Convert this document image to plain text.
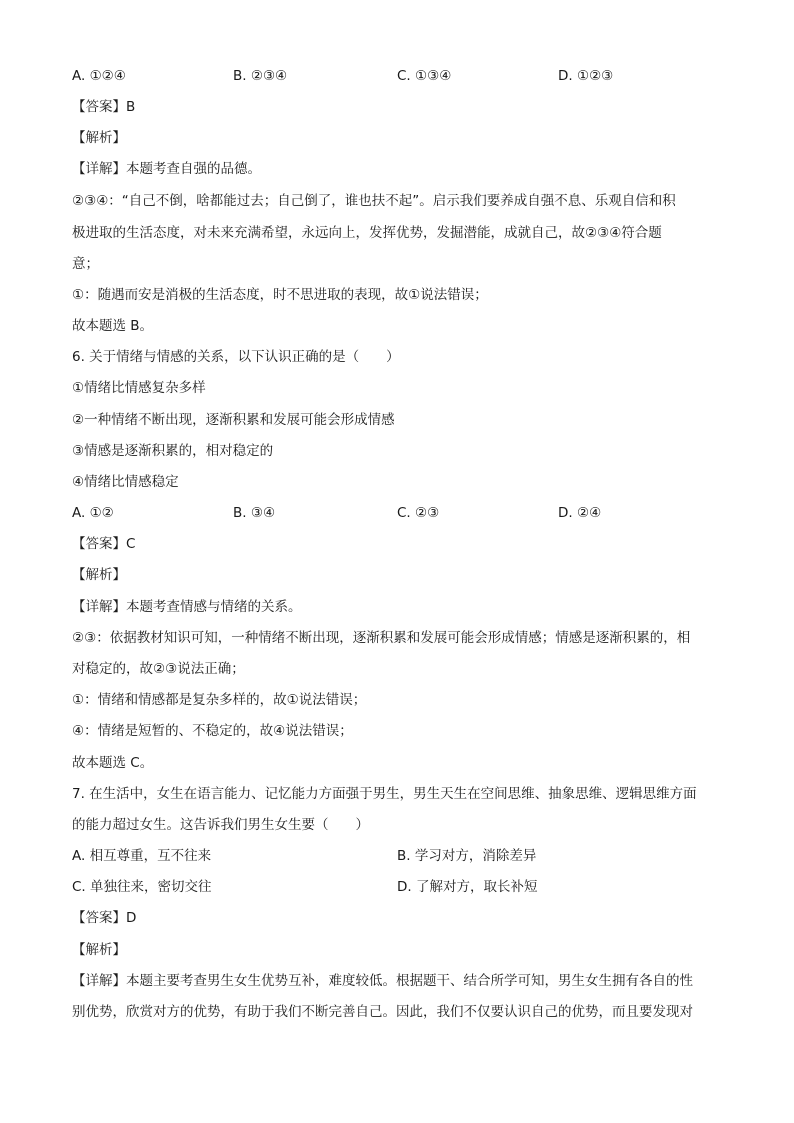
A. ①②④	B. ②③④	C. ①③④	D. ①②③
【答案】B
【解析】
【详解】本题考查自强的品德。
②③④：“自己不倒，啥都能过去；自己倒了，谁也扶不起”。启示我们要养成自强不息、乐观自信和积
极进取的生活态度，对未来充满希望，永远向上，发挥优势，发掘潜能，成就自己，故②③④符合题
意；
①：随遇而安是消极的生活态度，时不思进取的表现，故①说法错误；
故本题选 B。
6. 关于情绪与情感的关系，以下认识正确的是（　　）
①情绪比情感复杂多样
②一种情绪不断出现，逐渐积累和发展可能会形成情感
③情感是逐渐积累的，相对稳定的
④情绪比情感稳定
A. ①②	B. ③④	C. ②③	D. ②④
【答案】C
【解析】
【详解】本题考查情感与情绪的关系。
②③：依据教材知识可知，一种情绪不断出现，逐渐积累和发展可能会形成情感；情感是逐渐积累的，相
对稳定的，故②③说法正确；
①：情绪和情感都是复杂多样的，故①说法错误；
④：情绪是短暂的、不稳定的，故④说法错误；
故本题选 C。
7. 在生活中，女生在语言能力、记忆能力方面强于男生，男生天生在空间思维、抽象思维、逻辑思维方面
的能力超过女生。这告诉我们男生女生要（　　）
A. 相互尊重，互不往来	B. 学习对方，消除差异
C. 单独往来，密切交往	D. 了解对方，取长补短
【答案】D
【解析】
【详解】本题主要考查男生女生优势互补，难度较低。根据题干、结合所学可知，男生女生拥有各自的性
别优势，欣赏对方的优势，有助于我们不断完善自己。因此，我们不仅要认识自己的优势，而且要发现对
